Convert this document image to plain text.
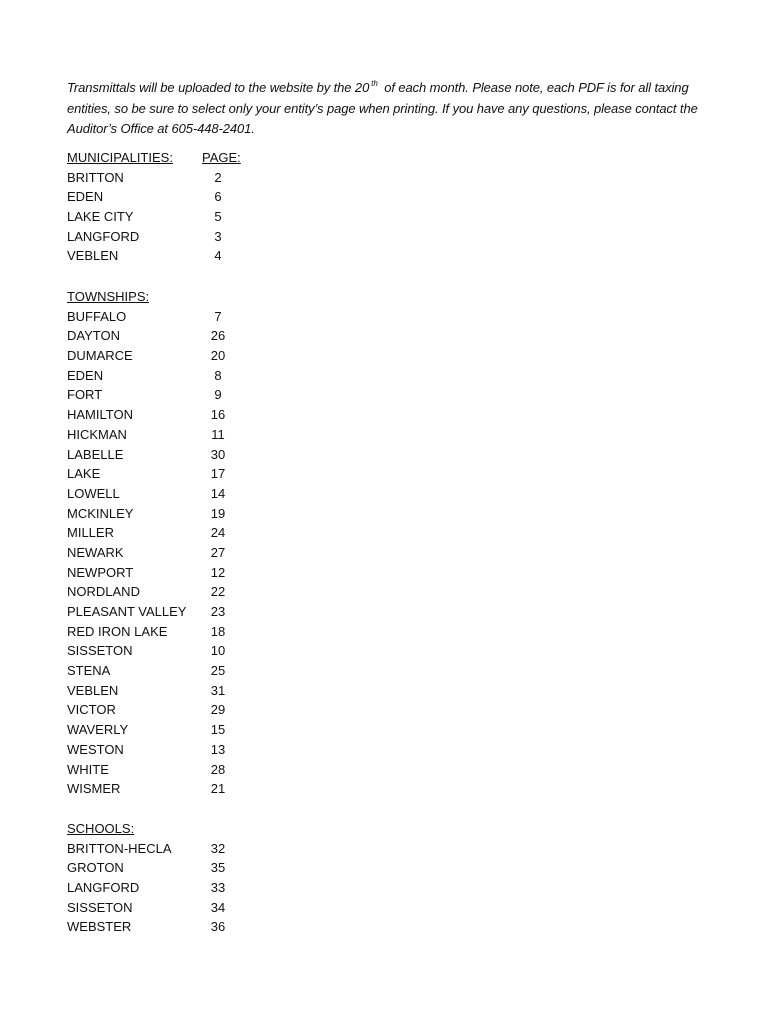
Transmittals will be uploaded to the website by the 20 $^{th}$ of each month. Please note, each PDF is for all taxing entities, so be sure to select only your entity’s page when printing. If you have any questions, please contact the Auditor’s Office at 605-448-2401.

MUNICIPALITIES: PAGE:
BRITTON	2
EDEN	6
LAKE CITY	5
LANGFORD	3
VEBLEN	4
TOWNSHIPS:
BUFFALO	7
DAYTON	26
DUMARCE	20
EDEN	8
FORT	9
HAMILTON	16
HICKMAN	11
LABELLE	30
LAKE	17
LOWELL	14
MCKINLEY	19
MILLER	24
NEWARK	27
NEWPORT	12
NORDLAND	22
PLEASANT VALLEY 23
RED IRON LAKE	18
SISSETON	10
STENA	25
VEBLEN	31
VICTOR	29
WAVERLY	15
WESTON	13
WHITE	28
WISMER	21
SCHOOLS:
BRITTON-HECLA	32
GROTON	35
LANGFORD	33
SISSETON	34
WEBSTER	36
